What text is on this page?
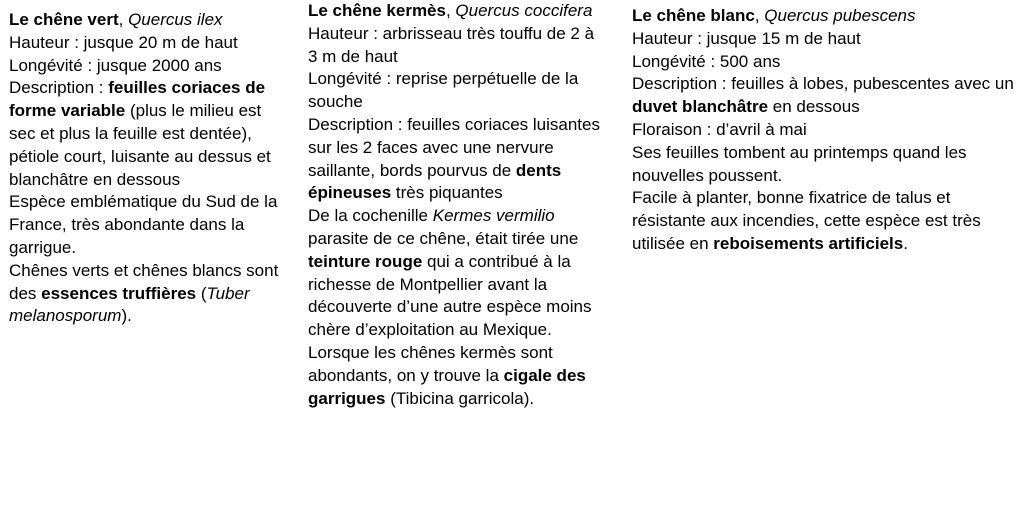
Le chêne vert, Quercus ilex

Hauteur : jusque 20 m de haut

Longévité : jusque 2000 ans

Description : feuilles coriaces de forme variable (plus le milieu est sec et plus la feuille est dentée), pétiole court, luisante au dessus et blanchâtre en dessous

Espèce emblématique du Sud de la France, très abondante dans la garrigue.

Chênes verts et chênes blancs sont des essences truffières (Tuber melanosporum).

Le chêne kermès, Quercus coccifera

Hauteur : arbrisseau très touffu de 2 à 3 m de haut

Longévité : reprise perpétuelle de la souche

Description : feuilles coriaces luisantes sur les 2 faces avec une nervure saillante, bords pourvus de dents épineuses très piquantes

De la cochenille Kermes vermilio parasite de ce chêne, était tirée une teinture rouge qui a contribué à la richesse de Montpellier avant la découverte d’une autre espèce moins chère d’exploitation au Mexique.

Lorsque les chênes kermès sont abondants, on y trouve la cigale des garrigues (Tibicina garricola).

Le chêne blanc, Quercus pubescens

Hauteur : jusque 15 m de haut

Longévité : 500 ans

Description : feuilles à lobes, pubescentes avec un duvet blanchâtre en dessous

Floraison : d’avril à mai

Ses feuilles tombent au printemps quand les nouvelles poussent.

Facile à planter, bonne fixatrice de talus et résistante aux incendies, cette espèce est très utilisée en reboisements artificiels.
